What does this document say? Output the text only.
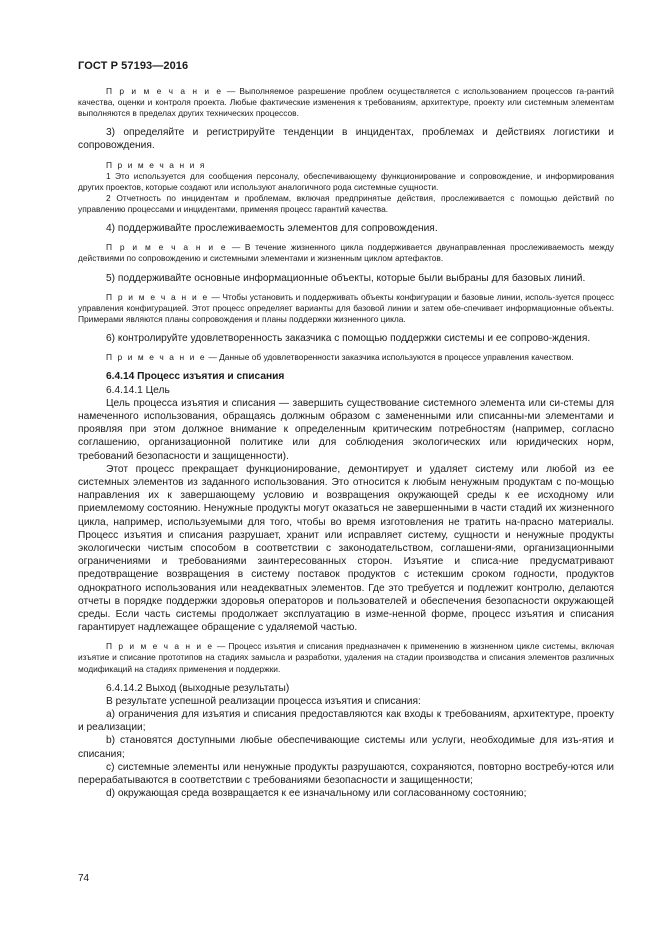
ГОСТ Р 57193—2016
П р и м е ч а н и е — Выполняемое разрешение проблем осуществляется с использованием процессов га-рантий качества, оценки и контроля проекта. Любые фактические изменения к требованиям, архитектуре, проекту или системным элементам выполняются в пределах других технических процессов.
3) определяйте и регистрируйте тенденции в инцидентах, проблемах и действиях логистики и сопровождения.
П р и м е ч а н и я
1 Это используется для сообщения персоналу, обеспечивающему функционирование и сопровождение, и информирования других проектов, которые создают или используют аналогичного рода системные сущности.
2 Отчетность по инцидентам и проблемам, включая предпринятые действия, прослеживается с помощью действий по управлению процессами и инцидентами, применяя процесс гарантий качества.
4) поддерживайте прослеживаемость элементов для сопровождения.
П р и м е ч а н и е — В течение жизненного цикла поддерживается двунаправленная прослеживаемость между действиями по сопровождению и системными элементами и жизненным циклом артефактов.
5) поддерживайте основные информационные объекты, которые были выбраны для базовых линий.
П р и м е ч а н и е — Чтобы установить и поддерживать объекты конфигурации и базовые линии, исполь-зуется процесс управления конфигурацией. Этот процесс определяет варианты для базовой линии и затем обе-спечивает информационные объекты. Примерами являются планы сопровождения и планы поддержки жизненного цикла.
6) контролируйте удовлетворенность заказчика с помощью поддержки системы и ее сопрово-ждения.
П р и м е ч а н и е — Данные об удовлетворенности заказчика используются в процессе управления качеством.
6.4.14 Процесс изъятия и списания
6.4.14.1 Цель
Цель процесса изъятия и списания — завершить существование системного элемента или си-стемы для намеченного использования, обращаясь должным образом с замененными или списанны-ми элементами и проявляя при этом должное внимание к определенным критическим потребностям (например, согласно соглашению, организационной политике или для соблюдения экологических или юридических норм, требований безопасности и защищенности).
Этот процесс прекращает функционирование, демонтирует и удаляет систему или любой из ее системных элементов из заданного использования. Это относится к любым ненужным продуктам с по-мощью направления их к завершающему условию и возвращения окружающей среды к ее исходному или приемлемому состоянию. Ненужные продукты могут оказаться не завершенными в части стадий их жизненного цикла, например, используемыми для того, чтобы во время изготовления не тратить на-прасно материалы. Процесс изъятия и списания разрушает, хранит или исправляет систему, сущности и ненужные продукты экологически чистым способом в соответствии с законодательством, соглашени-ями, организационными ограничениями и требованиями заинтересованных сторон. Изъятие и списа-ние предусматривают предотвращение возвращения в систему поставок продуктов с истекшим сроком годности, продуктов однократного использования или неадекватных элементов. Где это требуется и подлежит контролю, делаются отчеты в порядке поддержки здоровья операторов и пользователей и обеспечения безопасности окружающей среды. Если часть системы продолжает эксплуатацию в изме-ненной форме, процесс изъятия и списания гарантирует надлежащее обращение с удаляемой частью.
П р и м е ч а н и е — Процесс изъятия и списания предназначен к применению в жизненном цикле системы, включая изъятие и списание прототипов на стадиях замысла и разработки, удаления на стадии производства и списания элементов различных модификаций на стадиях применения и поддержки.
6.4.14.2 Выход (выходные результаты)
В результате успешной реализации процесса изъятия и списания:
а) ограничения для изъятия и списания предоставляются как входы к требованиям, архитектуре, проекту и реализации;
b) становятся доступными любые обеспечивающие системы или услуги, необходимые для изъ-ятия и списания;
c) системные элементы или ненужные продукты разрушаются, сохраняются, повторно востребу-ются или перерабатываются в соответствии с требованиями безопасности и защищенности;
d) окружающая среда возвращается к ее изначальному или согласованному состоянию;
74
